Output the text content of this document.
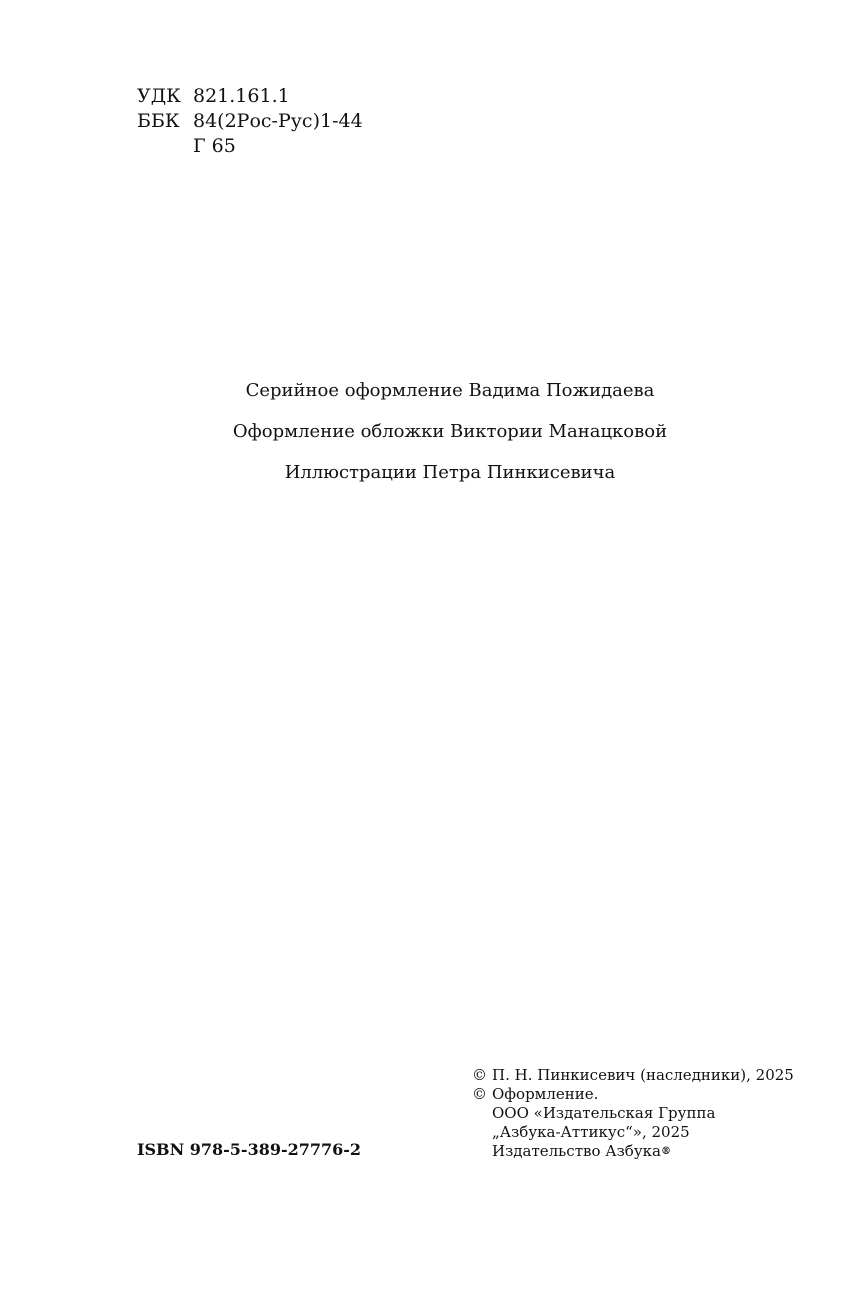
УДК 821.161.1
ББК 84(2Рос-Рус)1-44
Г 65
Серийное оформление Вадима Пожидаева
Оформление обложки Виктории Манацковой
Иллюстрации Петра Пинкисевича
ISBN 978-5-389-27776-2
© П. Н. Пинкисевич (наследники), 2025
© Оформление.
ООО «Издательская Группа
„Азбука-Аттикус“», 2025
Издательство Азбука ®
